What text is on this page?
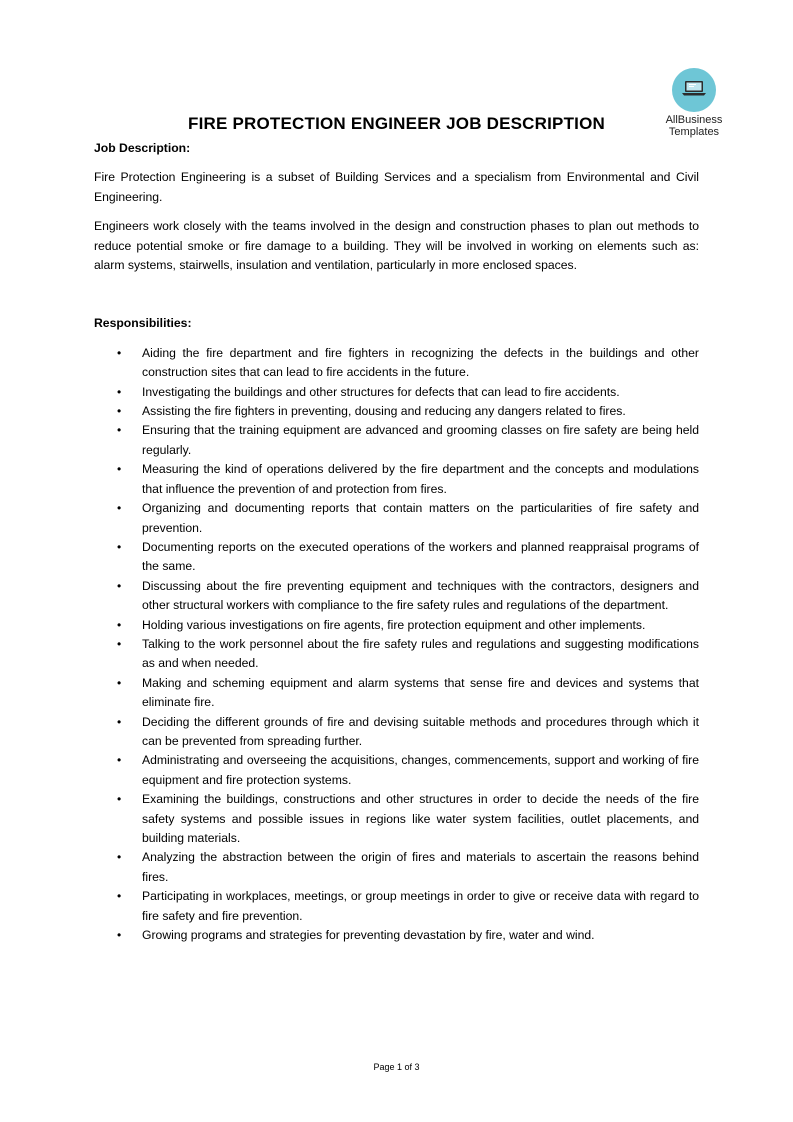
AllBusiness
Templates
FIRE PROTECTION ENGINEER JOB DESCRIPTION

Job Description:

Fire Protection Engineering is a subset of Building Services and a specialism from Environmental and Civil Engineering.

Engineers work closely with the teams involved in the design and construction phases to plan out methods to reduce potential smoke or fire damage to a building. They will be involved in working on elements such as: alarm systems, stairwells, insulation and ventilation, particularly in more enclosed spaces.

Responsibilities:

• Aiding the fire department and fire fighters in recognizing the defects in the buildings and other construction sites that can lead to fire accidents in the future.
• Investigating the buildings and other structures for defects that can lead to fire accidents.
• Assisting the fire fighters in preventing, dousing and reducing any dangers related to fires.
• Ensuring that the training equipment are advanced and grooming classes on fire safety are being held regularly.
• Measuring the kind of operations delivered by the fire department and the concepts and modulations that influence the prevention of and protection from fires.
• Organizing and documenting reports that contain matters on the particularities of fire safety and prevention.
• Documenting reports on the executed operations of the workers and planned reappraisal programs of the same.
• Discussing about the fire preventing equipment and techniques with the contractors, designers and other structural workers with compliance to the fire safety rules and regulations of the department.
• Holding various investigations on fire agents, fire protection equipment and other implements.
• Talking to the work personnel about the fire safety rules and regulations and suggesting modifications as and when needed.
• Making and scheming equipment and alarm systems that sense fire and devices and systems that eliminate fire.
• Deciding the different grounds of fire and devising suitable methods and procedures through which it can be prevented from spreading further.
• Administrating and overseeing the acquisitions, changes, commencements, support and working of fire equipment and fire protection systems.
• Examining the buildings, constructions and other structures in order to decide the needs of the fire safety systems and possible issues in regions like water system facilities, outlet placements, and building materials.
• Analyzing the abstraction between the origin of fires and materials to ascertain the reasons behind fires.
• Participating in workplaces, meetings, or group meetings in order to give or receive data with regard to fire safety and fire prevention.
• Growing programs and strategies for preventing devastation by fire, water and wind.
Page 1 of 3
